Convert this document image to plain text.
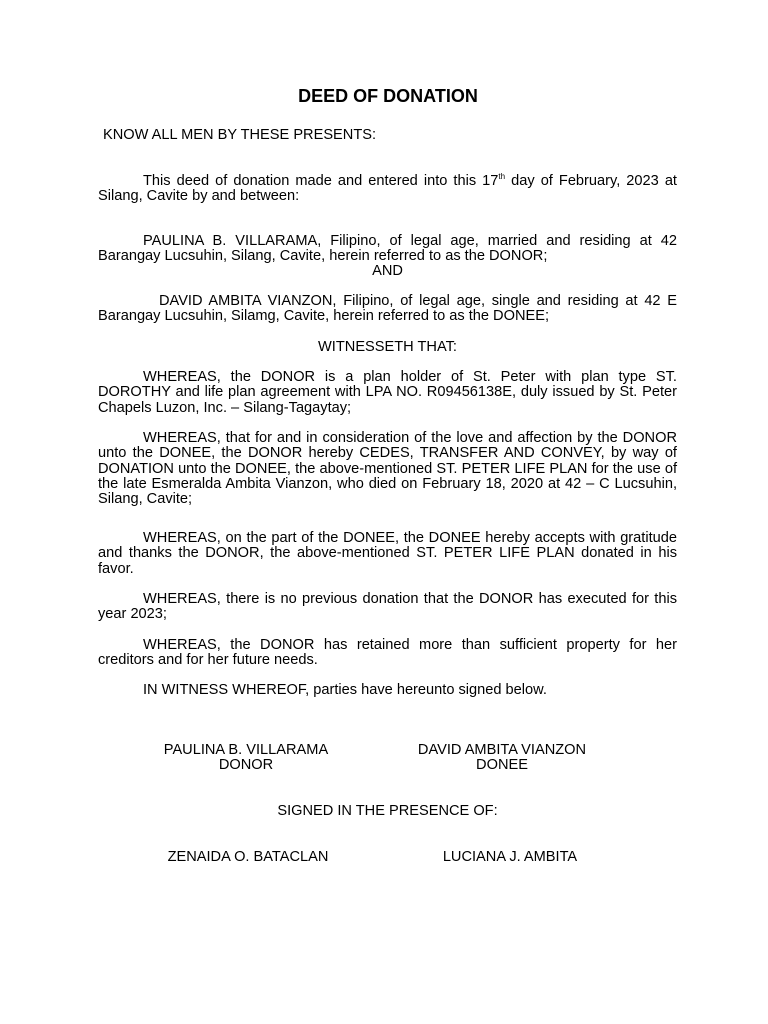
DEED OF DONATION
KNOW ALL MEN BY THESE PRESENTS:
This deed of donation made and entered into this 17th day of February, 2023 at Silang, Cavite by and between:
PAULINA B. VILLARAMA, Filipino, of legal age, married and residing at 42 Barangay Lucsuhin, Silang, Cavite, herein referred to as the DONOR;
AND
DAVID AMBITA VIANZON, Filipino, of legal age, single and residing at 42 E Barangay Lucsuhin, Silamg, Cavite, herein referred to as the DONEE;
WITNESSETH THAT:
WHEREAS, the DONOR is a plan holder of St. Peter with plan type ST. DOROTHY and life plan agreement with LPA NO. R09456138E, duly issued by St. Peter Chapels Luzon, Inc. – Silang-Tagaytay;
WHEREAS, that for and in consideration of the love and affection by the DONOR unto the DONEE, the DONOR hereby CEDES, TRANSFER AND CONVEY, by way of DONATION unto the DONEE, the above-mentioned ST. PETER LIFE PLAN for the use of the late Esmeralda Ambita Vianzon, who died on February 18, 2020 at 42 – C Lucsuhin, Silang, Cavite;
WHEREAS, on the part of the DONEE, the DONEE hereby accepts with gratitude and thanks the DONOR, the above-mentioned ST. PETER LIFE PLAN donated in his favor.
WHEREAS, there is no previous donation that the DONOR has executed for this year 2023;
WHEREAS, the DONOR has retained more than sufficient property for her creditors and for her future needs.
IN WITNESS WHEREOF, parties have hereunto signed below.
PAULINA B. VILLARAMA
DONOR
DAVID AMBITA VIANZON
DONEE
SIGNED IN THE PRESENCE OF:
ZENAIDA O. BATACLAN	LUCIANA J. AMBITA
